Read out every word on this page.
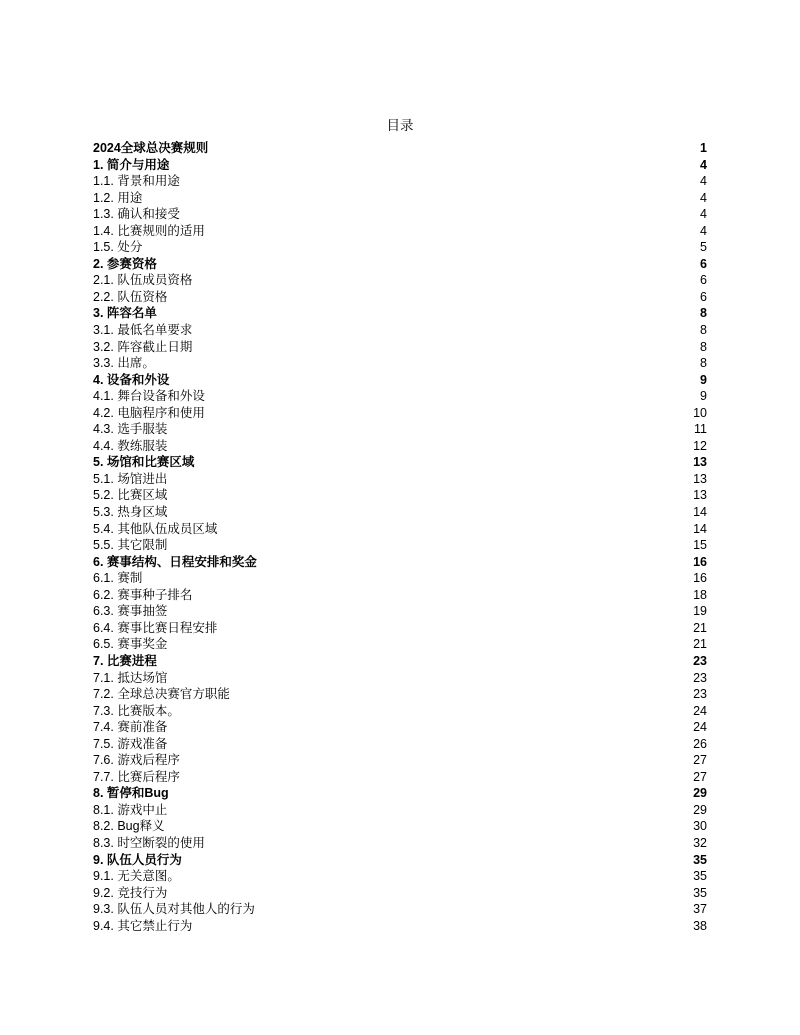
目录
2024全球总决赛规则	1
1. 简介与用途	4
1.1. 背景和用途	4
1.2. 用途	4
1.3. 确认和接受	4
1.4. 比赛规则的适用	4
1.5. 处分	5
2. 参赛资格	6
2.1. 队伍成员资格	6
2.2. 队伍资格	6
3. 阵容名单	8
3.1. 最低名单要求	8
3.2. 阵容截止日期	8
3.3. 出席。	8
4. 设备和外设	9
4.1. 舞台设备和外设	9
4.2. 电脑程序和使用	10
4.3. 选手服装	11
4.4. 教练服装	12
5. 场馆和比赛区域	13
5.1. 场馆进出	13
5.2. 比赛区域	13
5.3. 热身区域	14
5.4. 其他队伍成员区域	14
5.5. 其它限制	15
6. 赛事结构、日程安排和奖金	16
6.1. 赛制	16
6.2. 赛事种子排名	18
6.3. 赛事抽签	19
6.4. 赛事比赛日程安排	21
6.5. 赛事奖金	21
7. 比赛进程	23
7.1. 抵达场馆	23
7.2. 全球总决赛官方职能	23
7.3. 比赛版本。	24
7.4. 赛前准备	24
7.5. 游戏准备	26
7.6. 游戏后程序	27
7.7. 比赛后程序	27
8. 暂停和Bug	29
8.1. 游戏中止	29
8.2. Bug释义	30
8.3. 时空断裂的使用	32
9. 队伍人员行为	35
9.1. 无关意图。	35
9.2. 竞技行为	35
9.3. 队伍人员对其他人的行为	37
9.4. 其它禁止行为	38
